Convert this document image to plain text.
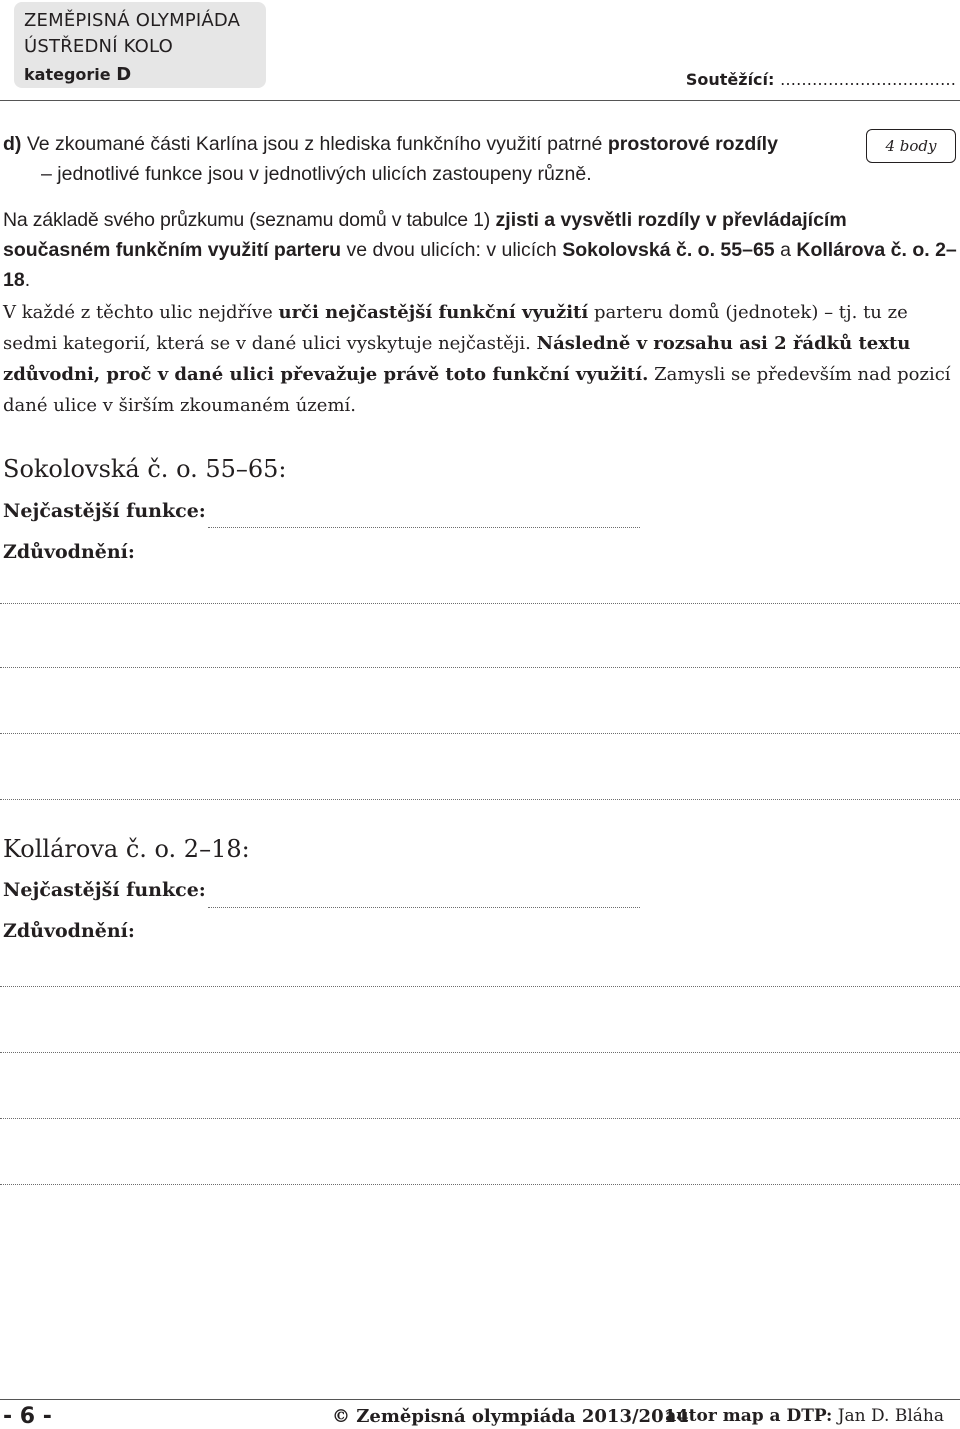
ZEMĚPISNÁ OLYMPIÁDA
ÚSTŘEDNÍ KOLO
kategorie D	Soutěžící: ……………………………
4 body
d) Ve zkoumané části Karlína jsou z hlediska funkčního využití patrné prostorové rozdíly
– jednotlivé funkce jsou v jednotlivých ulicích zastoupeny různě.
Na základě svého průzkumu (seznamu domů v tabulce 1) zjisti a vysvětli rozdíly v převládajícím současném funkčním využití parteru ve dvou ulicích: v ulicích Sokolovská č. o. 55–65 a Kollárova č. o. 2–18.
V každé z těchto ulic nejdříve urči nejčastější funkční využití parteru domů (jednotek) – tj. tu ze sedmi kategorií, která se v dané ulici vyskytuje nejčastěji. Následně v rozsahu asi 2 řádků textu zdůvodni, proč v dané ulici převažuje právě toto funkční využití. Zamysli se především nad pozicí dané ulice v širším zkoumaném území.
Sokolovská č. o. 55–65:
Nejčastější funkce:
Zdůvodnění:
Kollárova č. o. 2–18:
Nejčastější funkce:
Zdůvodnění:
- 6 -	© Zeměpisná olympiáda 2013/2014
autor map a DTP: Jan D. Bláha
